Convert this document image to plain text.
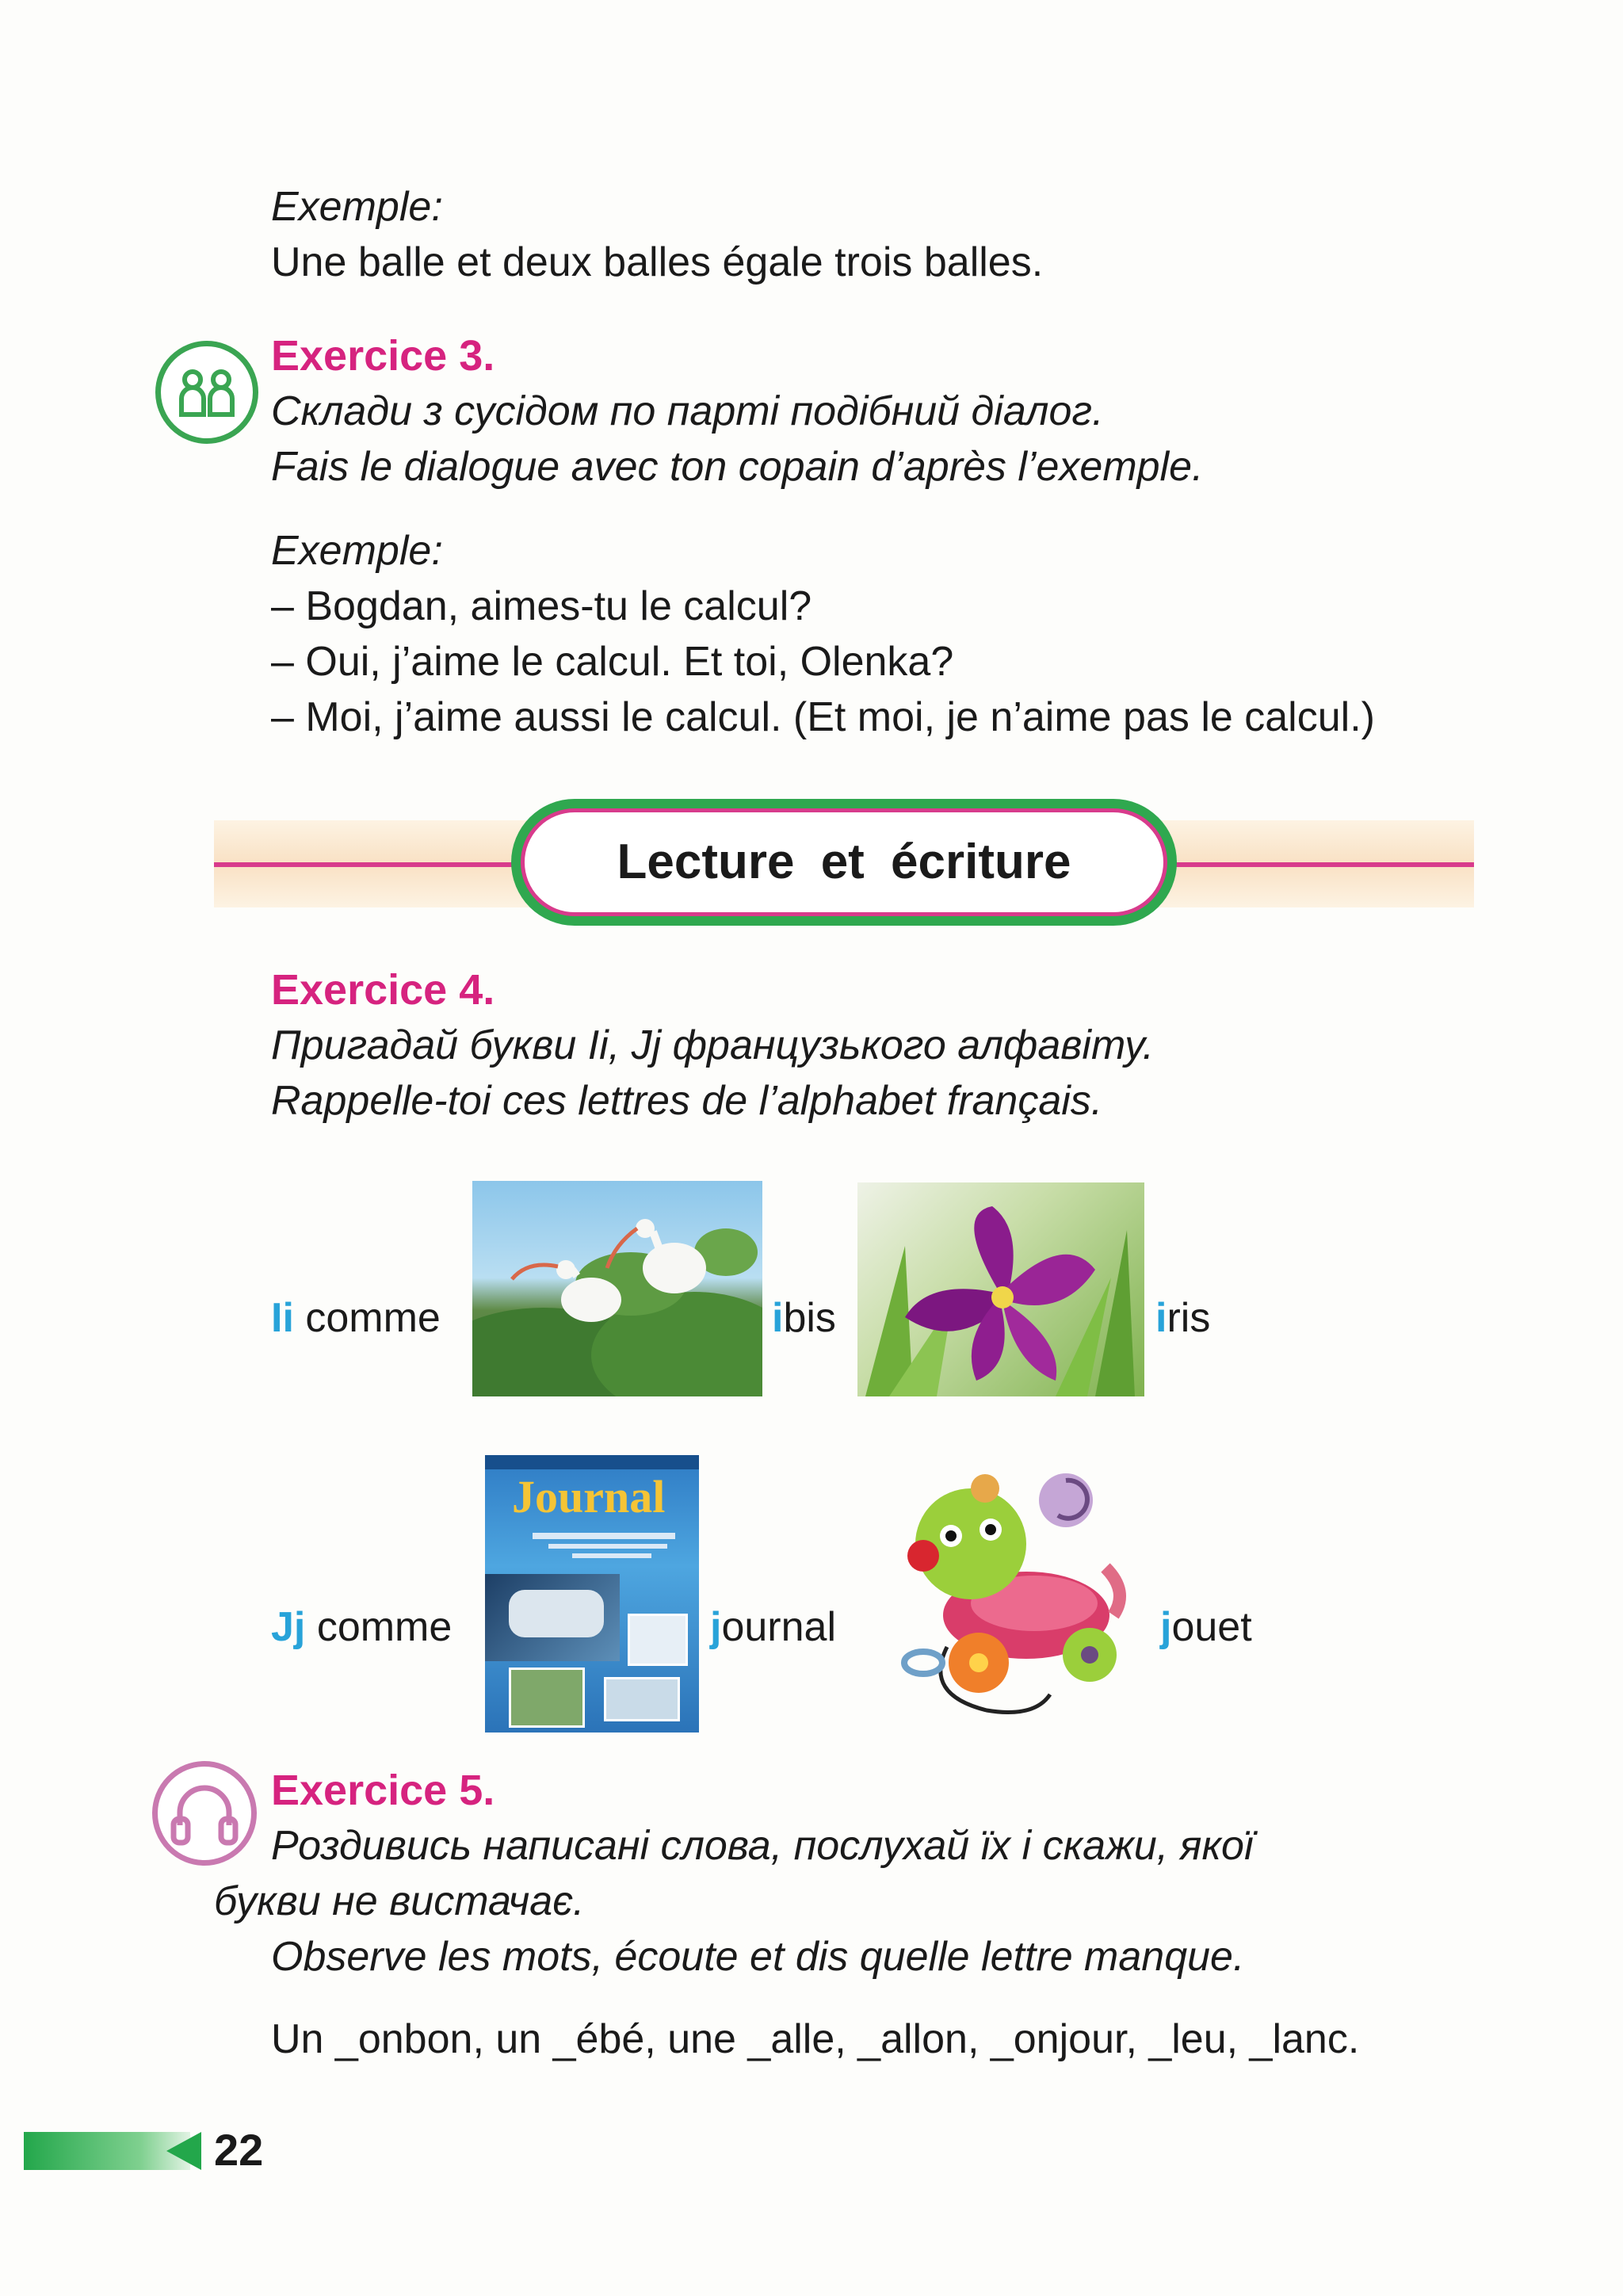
Exemple:
Une balle et deux balles égale trois balles.
Exercice 3.
Склади з сусідом по парті подібний діалог.
Fais le dialogue avec ton copain d’après l’exemple.
Exemple:
– Bogdan, aimes-tu le calcul?
– Oui, j’aime le calcul. Et toi, Olenka?
– Moi, j’aime aussi le calcul. (Et moi, je n’aime pas le calcul.)
Lecture et écriture
Exercice 4.
Пригадай букви Ii, Jj французького алфавіту.
Rappelle-toi ces lettres de l’alphabet français.
Ii comme	ibis	iris
Jj comme
Journal
journal	jouet
Exercice 5.
Роздивись написані слова, послухай їх і скажи, якої
букви не вистачає.
Observe les mots, écoute et dis quelle lettre manque.
Un _onbon, un _ébé, une _alle, _allon, _onjour, _leu, _lanc.
22
